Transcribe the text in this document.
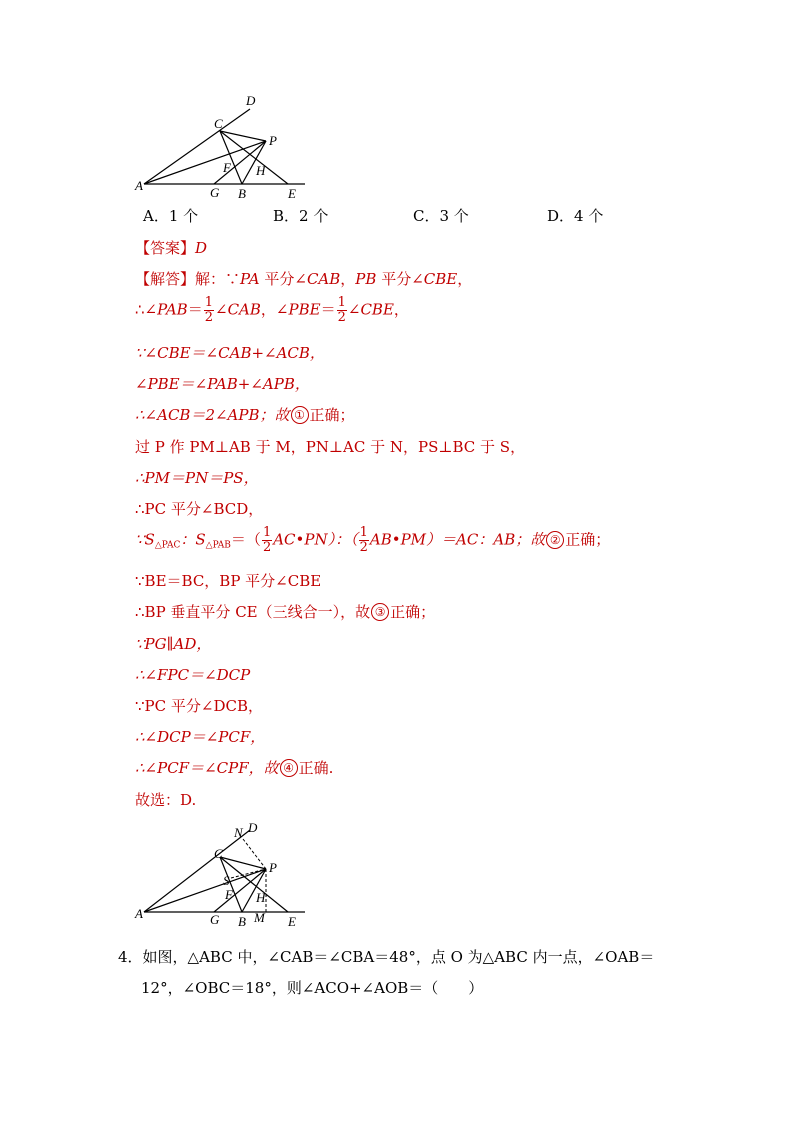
D
C
P
F H
A	G B	E
A．1 个	B．2 个	C．3 个	D．4 个
【答案】D
【解答】解：∵PA 平分∠CAB，PB 平分∠CBE，
∴∠PAB＝ $\frac{1}{2}$ ∠CAB，∠PBE＝ $\frac{1}{2}$ ∠CBE，
∵∠CBE＝∠CAB+∠ACB，
∠PBE＝∠PAB+∠APB，
∴∠ACB＝2∠APB；故 ① 正确；
过 P 作 PM⊥AB 于 M，PN⊥AC 于 N，PS⊥BC 于 S，
∴PM＝PN＝PS，
∴PC 平分∠BCD，
$\because S_{\triangle PAC}$：$S_{\triangle PAB}=( \frac{1}{2}$ AC•PN）：（ $\frac{1}{2}$ AB•PM）＝AC：AB；故 ② 正确；
∵BE＝BC，BP 平分∠CBE
∴BP 垂直平分 CE（三线合一），故 ③ 正确；
∵PG∥AD，
∴∠FPC＝∠DCP
∵PC 平分∠DCB，
∴∠DCP＝∠PCF，
∴∠PCF＝∠CPF，故 ④ 正确.
故选：D.
N D
C
P
S
F H
A	G B M E
4．如图，△ABC 中，∠CAB＝∠CBA＝48°，点 O 为△ABC 内一点，∠OAB＝
12°，∠OBC＝18°，则∠ACO+∠AOB＝（　　）
